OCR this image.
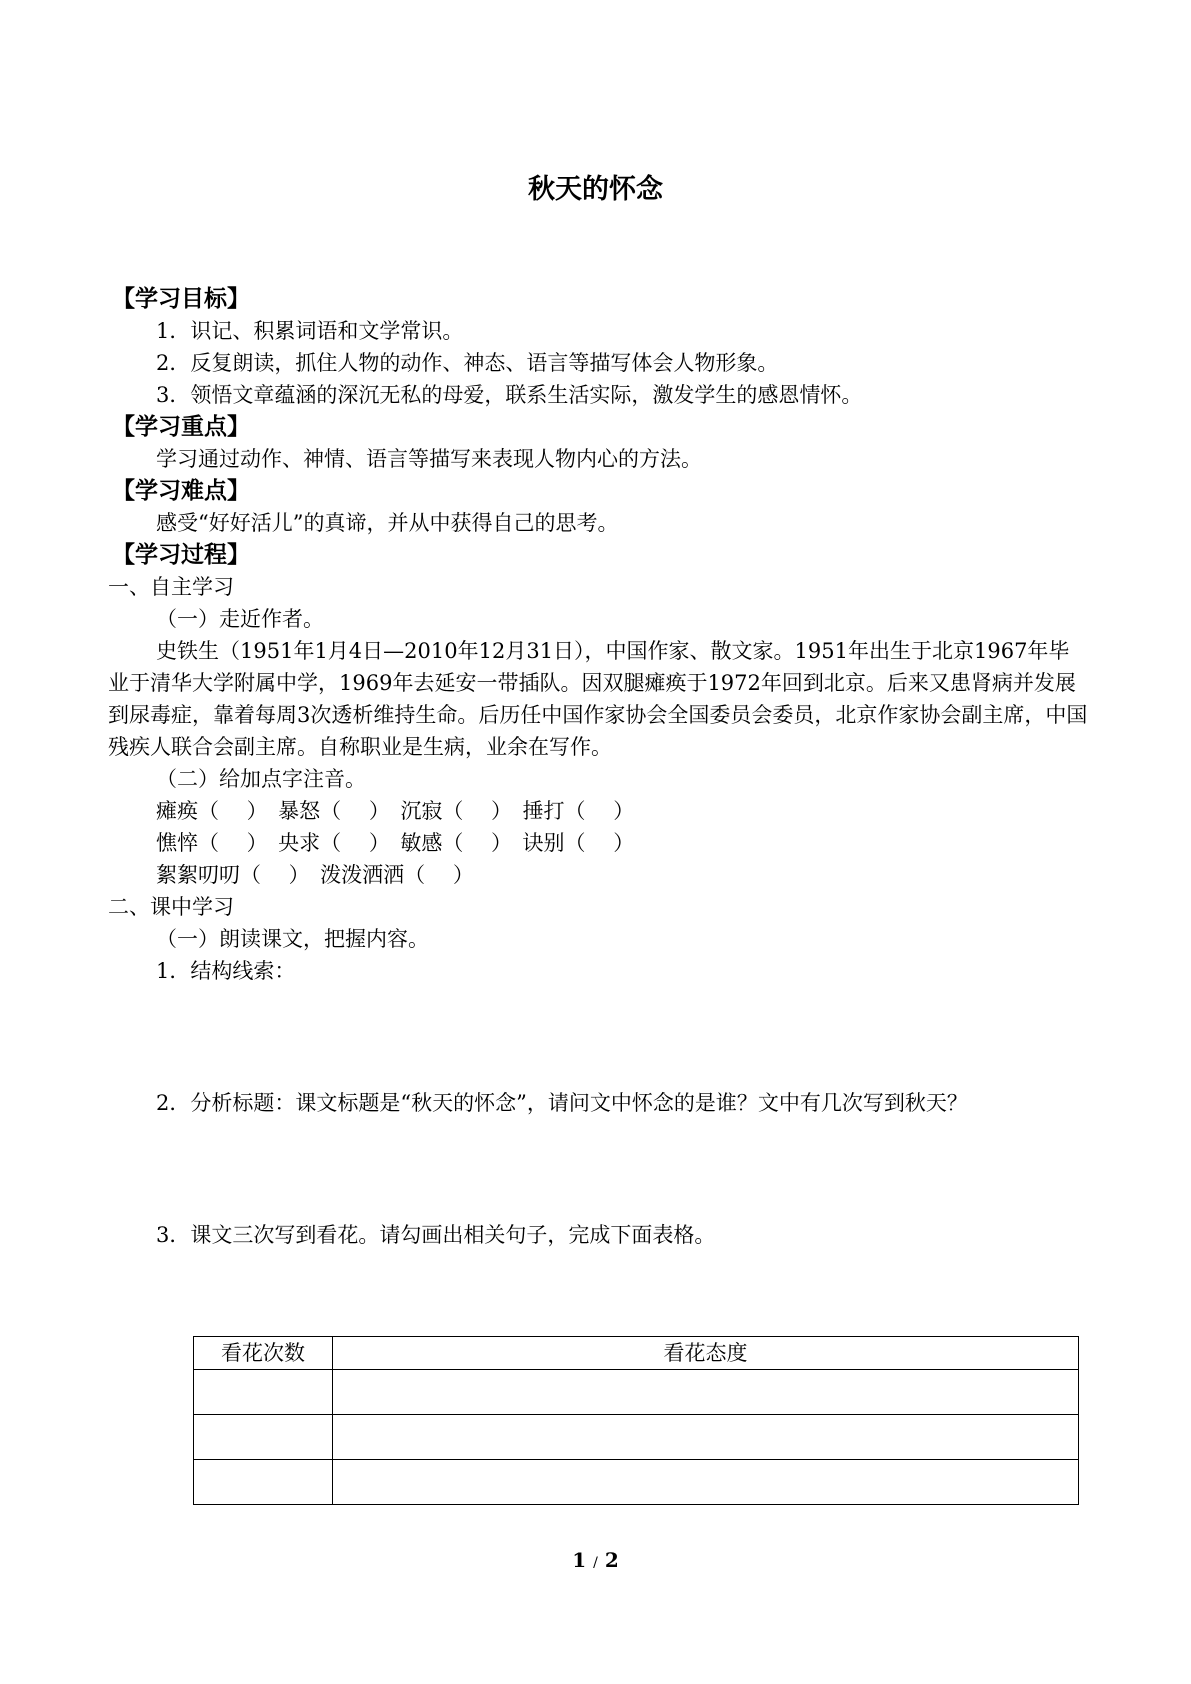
秋天的怀念
【学习目标】
1．识记、积累词语和文学常识。
2．反复朗读，抓住人物的动作、神态、语言等描写体会人物形象。
3．领悟文章蕴涵的深沉无私的母爱，联系生活实际，激发学生的感恩情怀。
【学习重点】
学习通过动作、神情、语言等描写来表现人物内心的方法。
【学习难点】
感受“好好活儿”的真谛，并从中获得自己的思考。
【学习过程】
一、自主学习
（一）走近作者。
史铁生（1951年1月4日—2010年12月31日），中国作家、散文家。1951年出生于北京1967年毕业于清华大学附属中学，1969年去延安一带插队。因双腿瘫痪于1972年回到北京。后来又患肾病并发展到尿毒症，靠着每周3次透析维持生命。后历任中国作家协会全国委员会委员，北京作家协会副主席，中国残疾人联合会副主席。自称职业是生病，业余在写作。
（二）给加点字注音。
瘫痪（　 ）　暴怒（　 ）　沉寂（　 ）　捶打（　 ）
憔悴（　 ）　央求（　 ）　敏感（　 ）　诀别（　 ）
絮絮叨叨（　 ）　泼泼洒洒（　 ）
二、课中学习
（一）朗读课文，把握内容。
1．结构线索：
2．分析标题：课文标题是“秋天的怀念”，请问文中怀念的是谁？文中有几次写到秋天？
3．课文三次写到看花。请勾画出相关句子，完成下面表格。
看花次数	看花态度

1 / 2
